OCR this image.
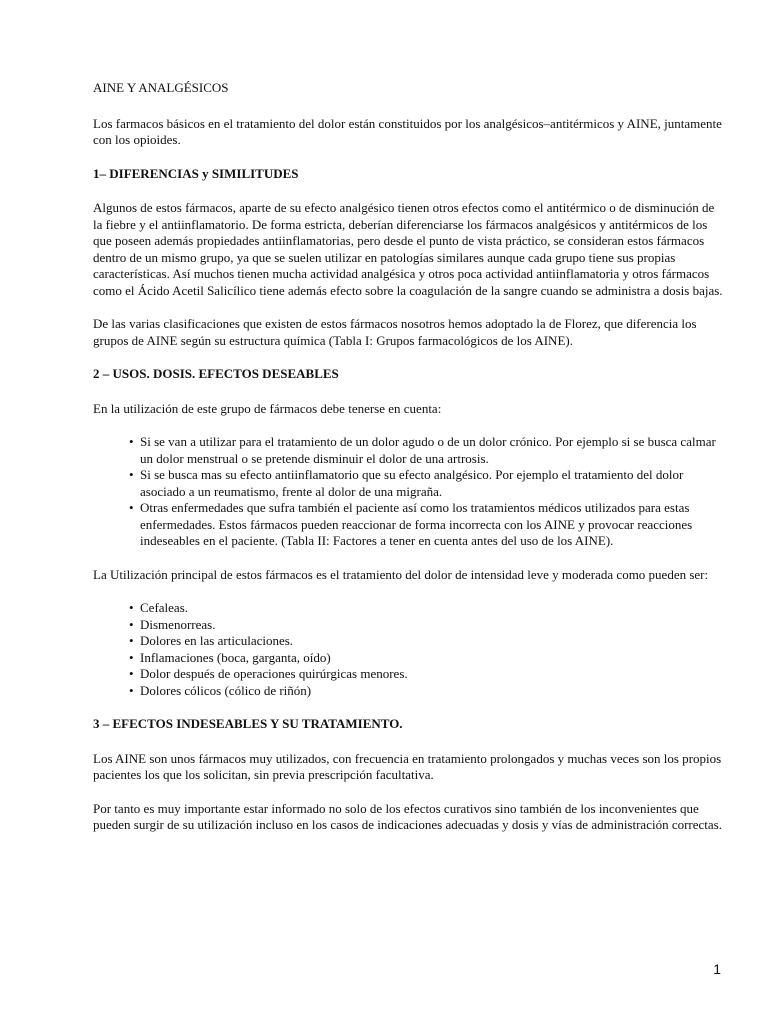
AINE Y ANALGÉSICOS

Los farmacos básicos en el tratamiento del dolor están constituidos por los analgésicos–antitérmicos y AINE, juntamente con los opioides.

1– DIFERENCIAS y SIMILITUDES

Algunos de estos fármacos, aparte de su efecto analgésico tienen otros efectos como el antitérmico o de disminución de la fiebre y el antiinflamatorio. De forma estricta, deberían diferenciarse los fármacos analgésicos y antitérmicos de los que poseen además propiedades antiinflamatorias, pero desde el punto de vista práctico, se consideran estos fármacos dentro de un mismo grupo, ya que se suelen utilizar en patologías similares aunque cada grupo tiene sus propias características. Así muchos tienen mucha actividad analgésica y otros poca actividad antiinflamatoria y otros fármacos como el Ácido Acetil Salicílico tiene además efecto sobre la coagulación de la sangre cuando se administra a dosis bajas.

De las varias clasificaciones que existen de estos fármacos nosotros hemos adoptado la de Florez, que diferencia los grupos de AINE según su estructura química (Tabla I: Grupos farmacológicos de los AINE).

2 – USOS. DOSIS. EFECTOS DESEABLES

En la utilización de este grupo de fármacos debe tenerse en cuenta:

• Si se van a utilizar para el tratamiento de un dolor agudo o de un dolor crónico. Por ejemplo si se busca calmar un dolor menstrual o se pretende disminuir el dolor de una artrosis.
• Si se busca mas su efecto antiinflamatorio que su efecto analgésico. Por ejemplo el tratamiento del dolor asociado a un reumatismo, frente al dolor de una migraña.
• Otras enfermedades que sufra también el paciente así como los tratamientos médicos utilizados para estas enfermedades. Estos fármacos pueden reaccionar de forma incorrecta con los AINE y provocar reacciones indeseables en el paciente. (Tabla II: Factores a tener en cuenta antes del uso de los AINE).

La Utilización principal de estos fármacos es el tratamiento del dolor de intensidad leve y moderada como pueden ser:

• Cefaleas.
• Dismenorreas.
• Dolores en las articulaciones.
• Inflamaciones (boca, garganta, oído)
• Dolor después de operaciones quirúrgicas menores.
• Dolores cólicos (cólico de riñón)

3 – EFECTOS INDESEABLES Y SU TRATAMIENTO.

Los AINE son unos fármacos muy utilizados, con frecuencia en tratamiento prolongados y muchas veces son los propios pacientes los que los solicitan, sin previa prescripción facultativa.

Por tanto es muy importante estar informado no solo de los efectos curativos sino también de los inconvenientes que pueden surgir de su utilización incluso en los casos de indicaciones adecuadas y dosis y vías de administración correctas.

1
